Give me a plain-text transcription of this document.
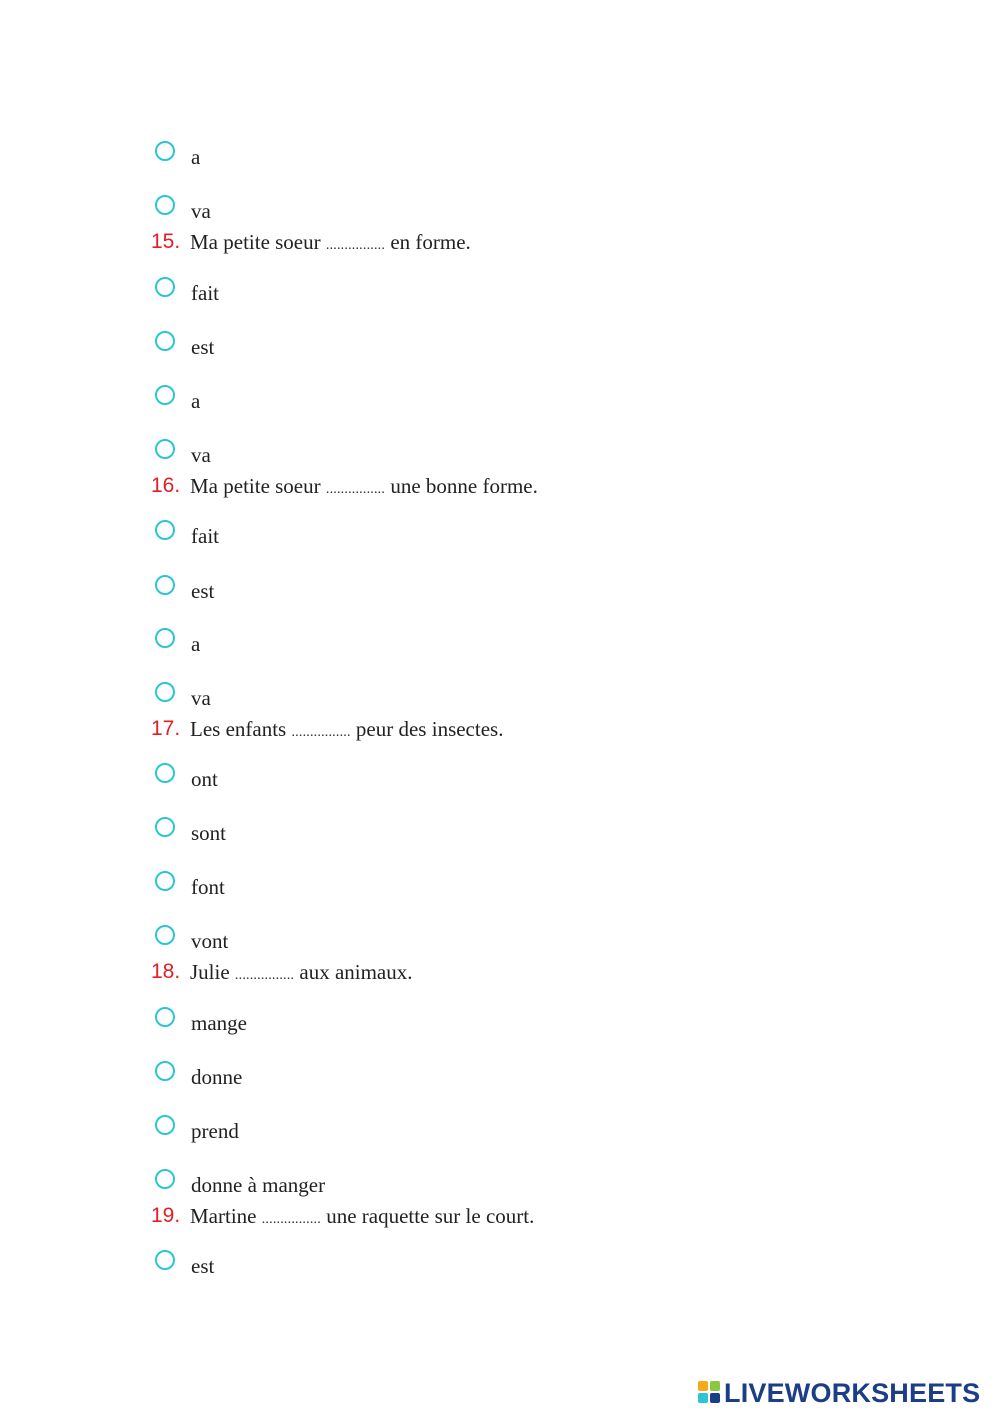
a
va
15. Ma petite soeur ................ en forme.
fait
est
a
va
16. Ma petite soeur ................ une bonne forme.
fait
est
a
va
17. Les enfants ................ peur des insectes.
ont
sont
font
vont
18. Julie ................ aux animaux.
mange
donne
prend
donne à manger
19. Martine ................ une raquette sur le court.
est
LIVEWORKSHEETS
